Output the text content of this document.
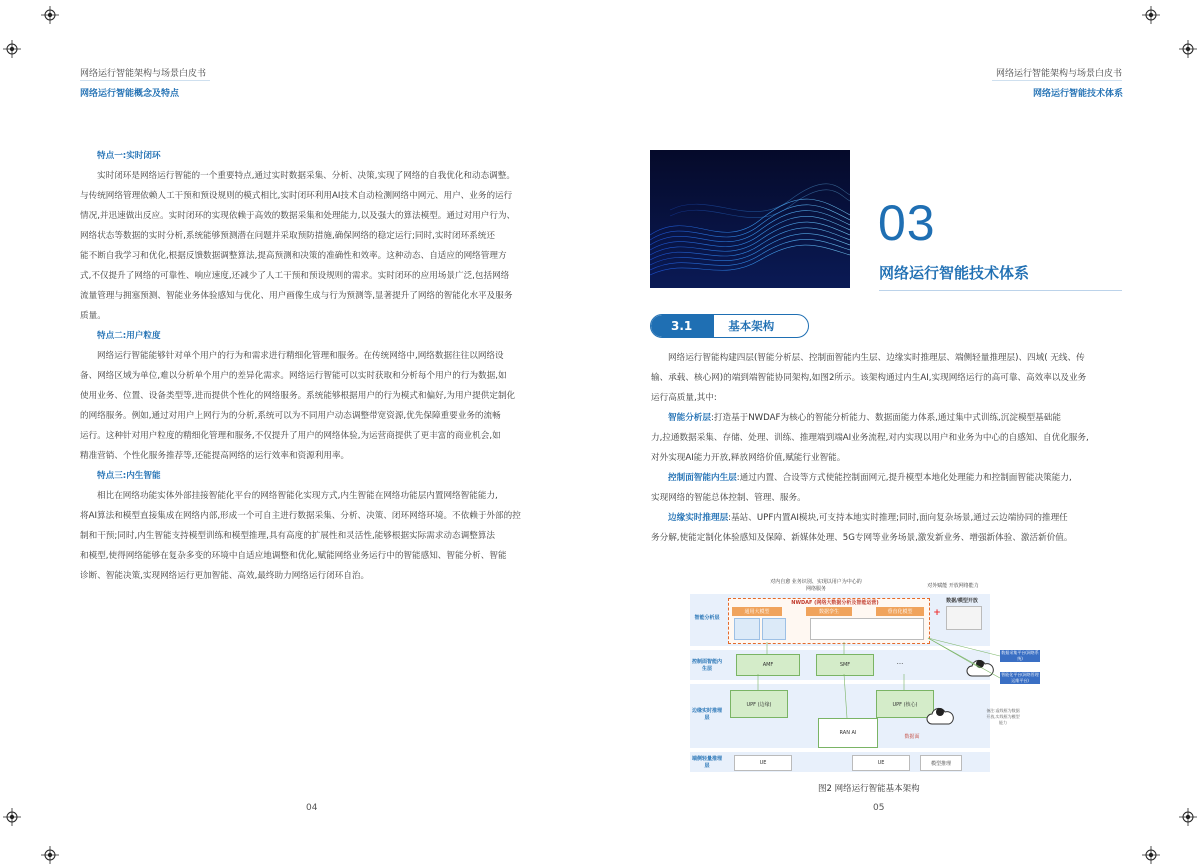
网络运行智能架构与场景白皮书
网络运行智能概念及特点
特点一:实时闭环

实时闭环是网络运行智能的一个重要特点,通过实时数据采集、分析、决策,实现了网络的自我优化和动态调整。

与传统网络管理依赖人工干预和预设规则的模式相比,实时闭环利用AI技术自动检测网络中网元、用户、业务的运行
情况,并迅速做出反应。实时闭环的实现依赖于高效的数据采集和处理能力,以及强大的算法模型。通过对用户行为、
网络状态等数据的实时分析,系统能够预测潜在问题并采取预防措施,确保网络的稳定运行;同时,实时闭环系统还
能不断自我学习和优化,根据反馈数据调整算法,提高预测和决策的准确性和效率。这种动态、自适应的网络管理方
式,不仅提升了网络的可靠性、响应速度,还减少了人工干预和预设规则的需求。实时闭环的应用场景广泛,包括网络
流量管理与拥塞预测、智能业务体验感知与优化、用户画像生成与行为预测等,显著提升了网络的智能化水平及服务
质量。
特点二:用户粒度

网络运行智能能够针对单个用户的行为和需求进行精细化管理和服务。在传统网络中,网络数据往往以网络设

备、网络区域为单位,难以分析单个用户的差异化需求。网络运行智能可以实时获取和分析每个用户的行为数据,如
使用业务、位置、设备类型等,进而提供个性化的网络服务。系统能够根据用户的行为模式和偏好,为用户提供定制化
的网络服务。例如,通过对用户上网行为的分析,系统可以为不同用户动态调整带宽资源,优先保障重要业务的流畅
运行。这种针对用户粒度的精细化管理和服务,不仅提升了用户的网络体验,为运营商提供了更丰富的商业机会,如
精准营销、个性化服务推荐等,还能提高网络的运行效率和资源利用率。
特点三:内生智能

相比在网络功能实体外部挂接智能化平台的网络智能化实现方式,内生智能在网络功能层内置网络智能能力,

将AI算法和模型直接集成在网络内部,形成一个可自主进行数据采集、分析、决策、闭环网络环境。不依赖于外部的控
制和干预;同时,内生智能支持模型训练和模型推理,具有高度的扩展性和灵活性,能够根据实际需求动态调整算法
和模型,使得网络能够在复杂多变的环境中自适应地调整和优化,赋能网络业务运行中的智能感知、智能分析、智能
诊断、智能决策,实现网络运行更加智能、高效,最终助力网络运行闭环自治。
04
网络运行智能架构与场景白皮书
网络运行智能技术体系
03
网络运行智能技术体系
3.1	基本架构

网络运行智能构建四层(智能分析层、控制面智能内生层、边缘实时推理层、端侧轻量推理层)、四域( 无线、传

输、承载、核心网)的端到端智能协同架构,如图2所示。该架构通过内生AI,实现网络运行的高可靠、高效率以及业务
运行高质量,其中:

智能分析层:打造基于NWDAF为核心的智能分析能力、数据面能力体系,通过集中式训练,沉淀模型基础能

力,拉通数据采集、存储、处理、训练、推理端到端AI业务流程,对内实现以用户和业务为中心的自感知、自优化服务,
对外实现AI能力开放,释放网络价值,赋能行业智能。

控制面智能内生层:通过内置、合设等方式使能控制面网元,提升模型本地化处理能力和控制面智能决策能力,

实现网络的智能总体控制、管理、服务。

边缘实时推理层:基站、UPF内置AI模块,可支持本地实时推理;同时,面向复杂场景,通过云边端协同的推理任

务分解,使能定制化体验感知及保障、新媒体处理、5G专网等业务场景,激发新业务、增强新体验、激活新价值。
对内自愈 业务识别、实现以用户为中心的网络服务
对外赋能 开放网络能力
智能分析层
控制面智能内生层
边缘实时推理层
端侧轻量推理层
NWDAF (网络大数据分析及智能运营)
通用大模型	数据孪生	垂直化模型
数据/模型开放
+
数据采集平台(网络系统)
智能化平台(网络管理运维平台)
AMF	SMF	···
UPF (边缘)	UPF (核心)
RAN AI
数据面
UE	UE	模型推理
备注:虚线框为数据开放,实线框为模型能力
图2 网络运行智能基本架构
05
